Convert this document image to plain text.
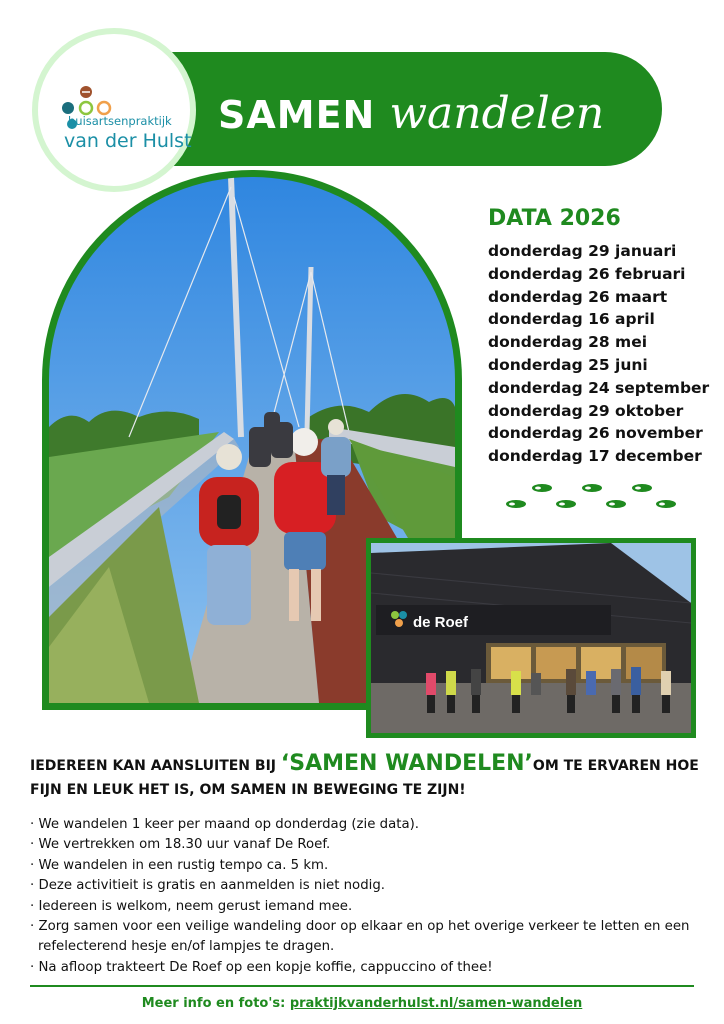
SAMEN wandelen
huisartsenpraktijk
van der Hulst
de Roef
DATA 2026
donderdag 29 januari
donderdag 26 februari
donderdag 26 maart
donderdag 16 april
donderdag 28 mei
donderdag 25 juni
donderdag 24 september
donderdag 29 oktober
donderdag 26 november
donderdag 17 december
IEDEREEN KAN AANSLUITEN BIJ ‘SAMEN WANDELEN’OM TE ERVAREN HOE FIJN EN LEUK HET IS, OM SAMEN IN BEWEGING TE ZIJN!
· We wandelen 1 keer per maand op donderdag (zie data).
· We vertrekken om 18.30 uur vanaf De Roef.
· We wandelen in een rustig tempo ca. 5 km.
· Deze activitieit is gratis en aanmelden is niet nodig.
· Iedereen is welkom, neem gerust iemand mee.
· Zorg samen voor een veilige wandeling door op elkaar en op het overige verkeer te letten en een refelecterend hesje en/of lampjes te dragen.
· Na afloop trakteert De Roef op een kopje koffie, cappuccino of thee!
Meer info en foto's: praktijkvanderhulst.nl/samen-wandelen
